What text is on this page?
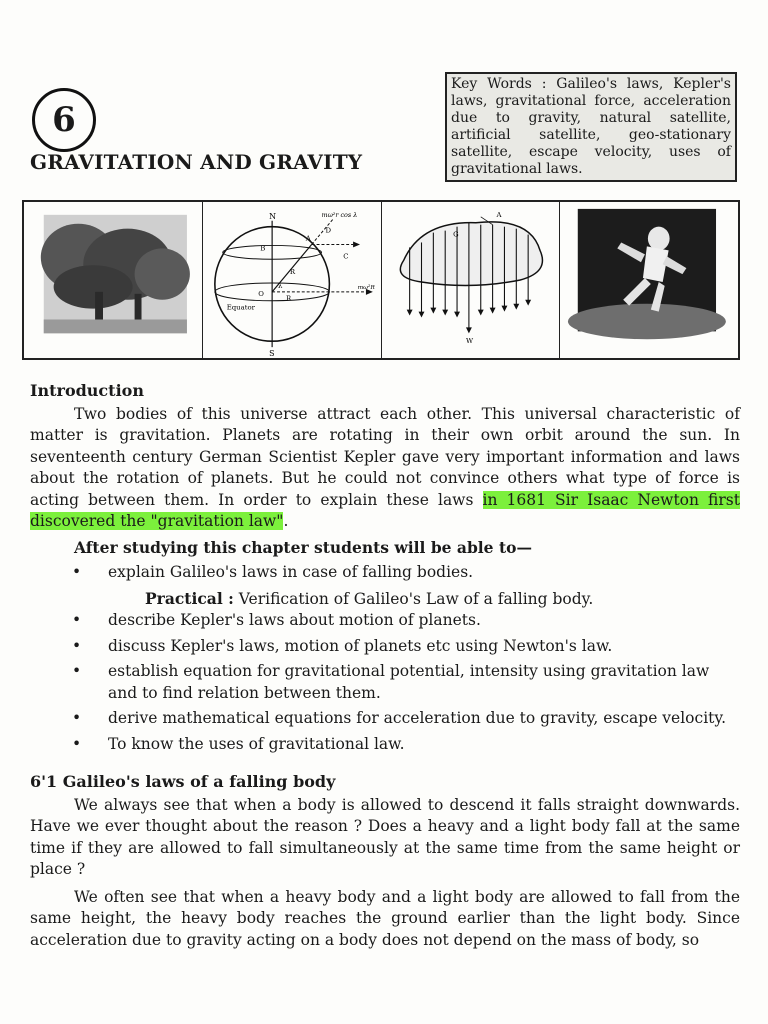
6
GRAVITATION AND GRAVITY
Key Words : Galileo's laws, Kepler's laws, gravitational force, acceleration due to gravity, natural satellite, artificial satellite, geo-stationary satellite, escape velocity, uses of gravitational laws.
N
S
B
A
D
C
R
R
O
λ
Equator
mω²r cos λ
mω²R
A
G
W
Introduction

Two bodies of this universe attract each other. This universal characteristic of matter is gravitation. Planets are rotating in their own orbit around the sun. In seventeenth century German Scientist Kepler gave very important information and laws about the rotation of planets. But he could not convince others what type of force is acting between them. In order to explain these laws in 1681 Sir Isaac Newton first discovered the "gravitation law".

After studying this chapter students will be able to—

• explain Galileo's laws in case of falling bodies.

Practical : Verification of Galileo's Law of a falling body.

• describe Kepler's laws about motion of planets.
• discuss Kepler's laws, motion of planets etc using Newton's law.
• establish equation for gravitational potential, intensity using gravitation law and to find relation between them.
• derive mathematical equations for acceleration due to gravity, escape velocity.
• To know the uses of gravitational law.
6'1 Galileo's laws of a falling body

We always see that when a body is allowed to descend it falls straight downwards. Have we ever thought about the reason ? Does a heavy and a light body fall at the same time if they are allowed to fall simultaneously at the same time from the same height or place ?

We often see that when a heavy body and a light body are allowed to fall from the same height, the heavy body reaches the ground earlier than the light body. Since acceleration due to gravity acting on a body does not depend on the mass of body, so
